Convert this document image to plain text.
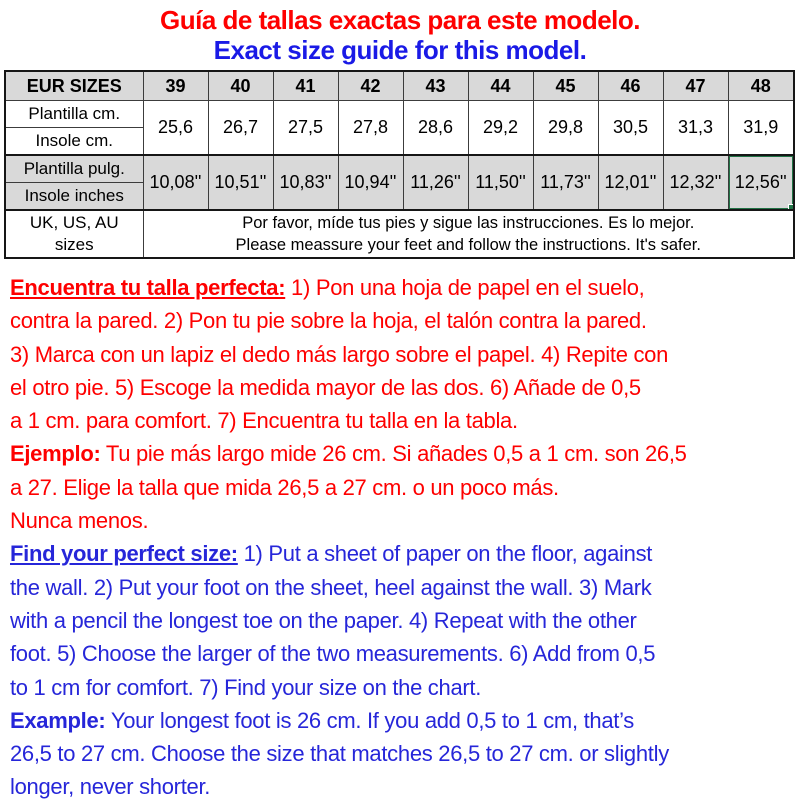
Guía de tallas exactas para este modelo.
Exact size guide for this model.
EUR SIZES	39	40	41	42	43	44	45	46	47	48
Plantilla cm.	25,6	26,7	27,5	27,8	28,6	29,2	29,8	30,5	31,3	31,9
Insole cm.										
Plantilla pulg.	10,08''	10,51''	10,83''	10,94''	11,26''	11,50''	11,73''	12,01''	12,32''	12,56''

Insole inches										

UK, US, AU
sizes

Por favor, míde tus pies y sigue las instrucciones. Es lo mejor.
Please meassure your feet and follow the instructions. It's safer.
Encuentra tu talla perfecta: 1) Pon una hoja de papel en el suelo,
contra la pared. 2) Pon tu pie sobre la hoja, el talón contra la pared.
3) Marca con un lapiz el dedo más largo sobre el papel. 4) Repite con
el otro pie. 5) Escoge la medida mayor de las dos. 6) Añade de 0,5
a 1 cm. para comfort. 7) Encuentra tu talla en la tabla.
Ejemplo: Tu pie más largo mide 26 cm. Si añades 0,5 a 1 cm. son 26,5
a 27. Elige la talla que mida 26,5 a 27 cm. o un poco más.
Nunca menos.
Find your perfect size: 1) Put a sheet of paper on the floor, against
the wall. 2) Put your foot on the sheet, heel against the wall. 3) Mark
with a pencil the longest toe on the paper. 4) Repeat with the other
foot. 5) Choose the larger of the two measurements. 6) Add from 0,5
to 1 cm for comfort. 7) Find your size on the chart.
Example: Your longest foot is 26 cm. If you add 0,5 to 1 cm, that’s
26,5 to 27 cm. Choose the size that matches 26,5 to 27 cm. or slightly
longer, never shorter.
